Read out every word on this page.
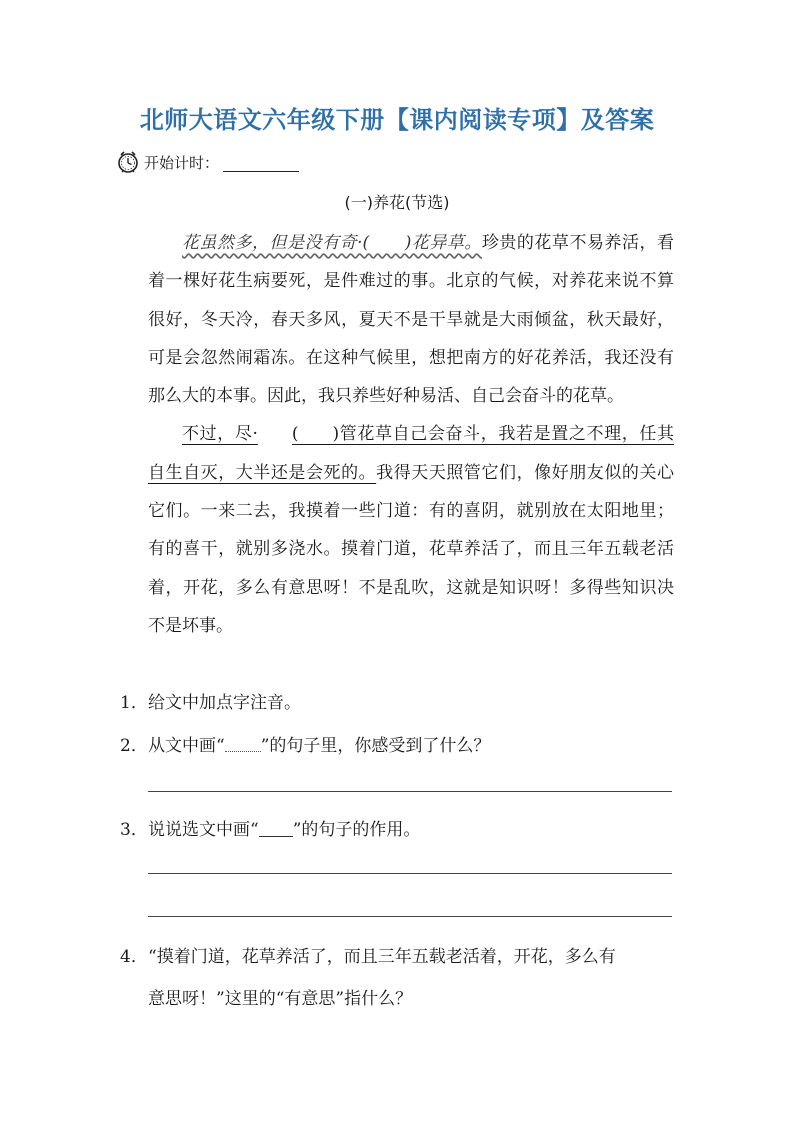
北师大语文六年级下册【课内阅读专项】及答案
开始计时：
(一)养花(节选)

花虽然多，但是没有奇·(　　)花异草。珍贵的花草不易养活，看着一棵好花生病要死，是件难过的事。北京的气候，对养花来说不算很好，冬天冷，春天多风，夏天不是干旱就是大雨倾盆，秋天最好，可是会忽然闹霜冻。在这种气候里，想把南方的好花养活，我还没有那么大的本事。因此，我只养些好种易活、自己会奋斗的花草。

不过，尽· (　　)管花草自己会奋斗，我若是置之不理，任其自生自灭，大半还是会死的。我得天天照管它们，像好朋友似的关心它们。一来二去，我摸着一些门道：有的喜阴，就别放在太阳地里；有的喜干，就别多浇水。摸着门道，花草养活了，而且三年五载老活着，开花，多么有意思呀！不是乱吹，这就是知识呀！多得些知识决不是坏事。

1．给文中加点字注音。
2．从文中画“ ”的句子里，你感受到了什么？
3．说说选文中画“ ”的句子的作用。
4．“摸着门道，花草养活了，而且三年五载老活着，开花，多么有
意思呀！”这里的“有意思”指什么？
